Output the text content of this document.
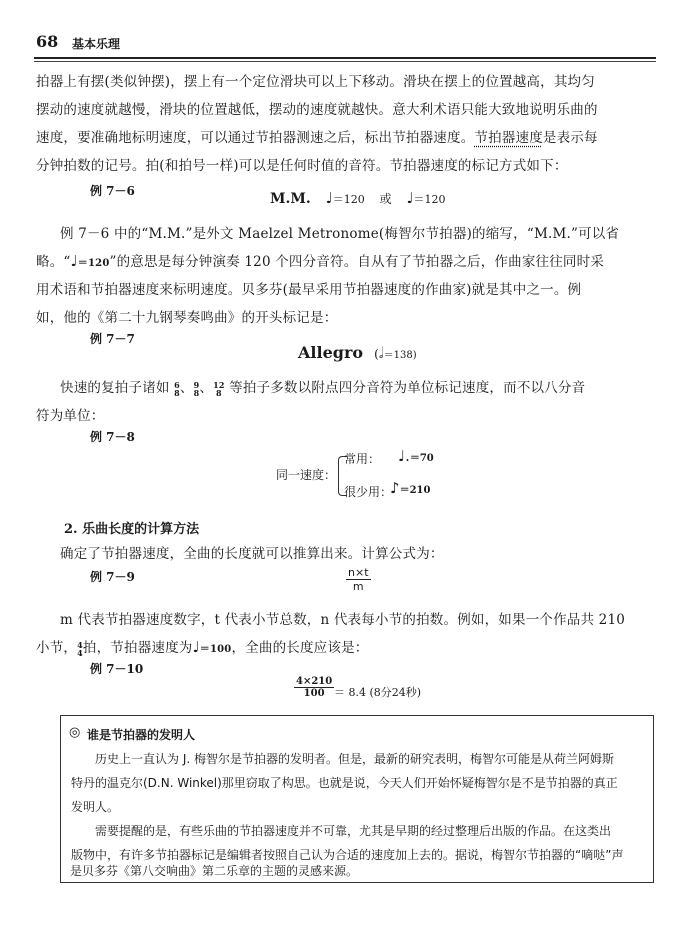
68 基本乐理
拍器上有摆(类似钟摆)，摆上有一个定位滑块可以上下移动。滑块在摆上的位置越高，其均匀
摆动的速度就越慢，滑块的位置越低，摆动的速度就越快。意大利术语只能大致地说明乐曲的
速度，要准确地标明速度，可以通过节拍器测速之后，标出节拍器速度。节拍器速度是表示每
分钟拍数的记号。拍(和拍号一样)可以是任何时值的音符。节拍器速度的标记方式如下：
例 7－6	M.M. ♩＝120 或 ♩＝120
例 7－6 中的“M.M.”是外文 Maelzel Metronome(梅智尔节拍器)的缩写，“M.M.”可以省
略。“♩＝120”的意思是每分钟演奏 120 个四分音符。自从有了节拍器之后，作曲家往往同时采
用术语和节拍器速度来标明速度。贝多芬(最早采用节拍器速度的作曲家)就是其中之一。例
如，他的《第二十九钢琴奏鸣曲》的开头标记是：
例 7－7
Allegro (𝅗𝅥＝138)
快速的复拍子诸如 6
8 、 9
8 、 12
8 等拍子多数以附点四分音符为单位标记速度，而不以八分音
符为单位：
例 7－8
同一速度：
常用： ♩.＝70
很少用：
♪＝210
2. 乐曲长度的计算方法
确定了节拍器速度，全曲的长度就可以推算出来。计算公式为：
例 7－9	$\frac{n\times t}{m}$
m 代表节拍器速度数字，t 代表小节总数，n 代表每小节的拍数。例如，如果一个作品共 210
小节， 4
4 拍，节拍器速度为♩＝100，全曲的长度应该是：
例 7－10
$\frac{4\times 210}{100} = 8.4$ (8分24秒)
◎ 谁是节拍器的发明人
历史上一直认为 J. 梅智尔是节拍器的发明者。但是，最新的研究表明，梅智尔可能是从荷兰阿姆斯
特丹的温克尔(D.N. Winkel)那里窃取了构思。也就是说，今天人们开始怀疑梅智尔是不是节拍器的真正
发明人。
需要提醒的是，有些乐曲的节拍器速度并不可靠，尤其是早期的经过整理后出版的作品。在这类出
版物中，有许多节拍器标记是编辑者按照自己认为合适的速度加上去的。据说，梅智尔节拍器的“嘀哒”声
是贝多芬《第八交响曲》第二乐章的主题的灵感来源。
